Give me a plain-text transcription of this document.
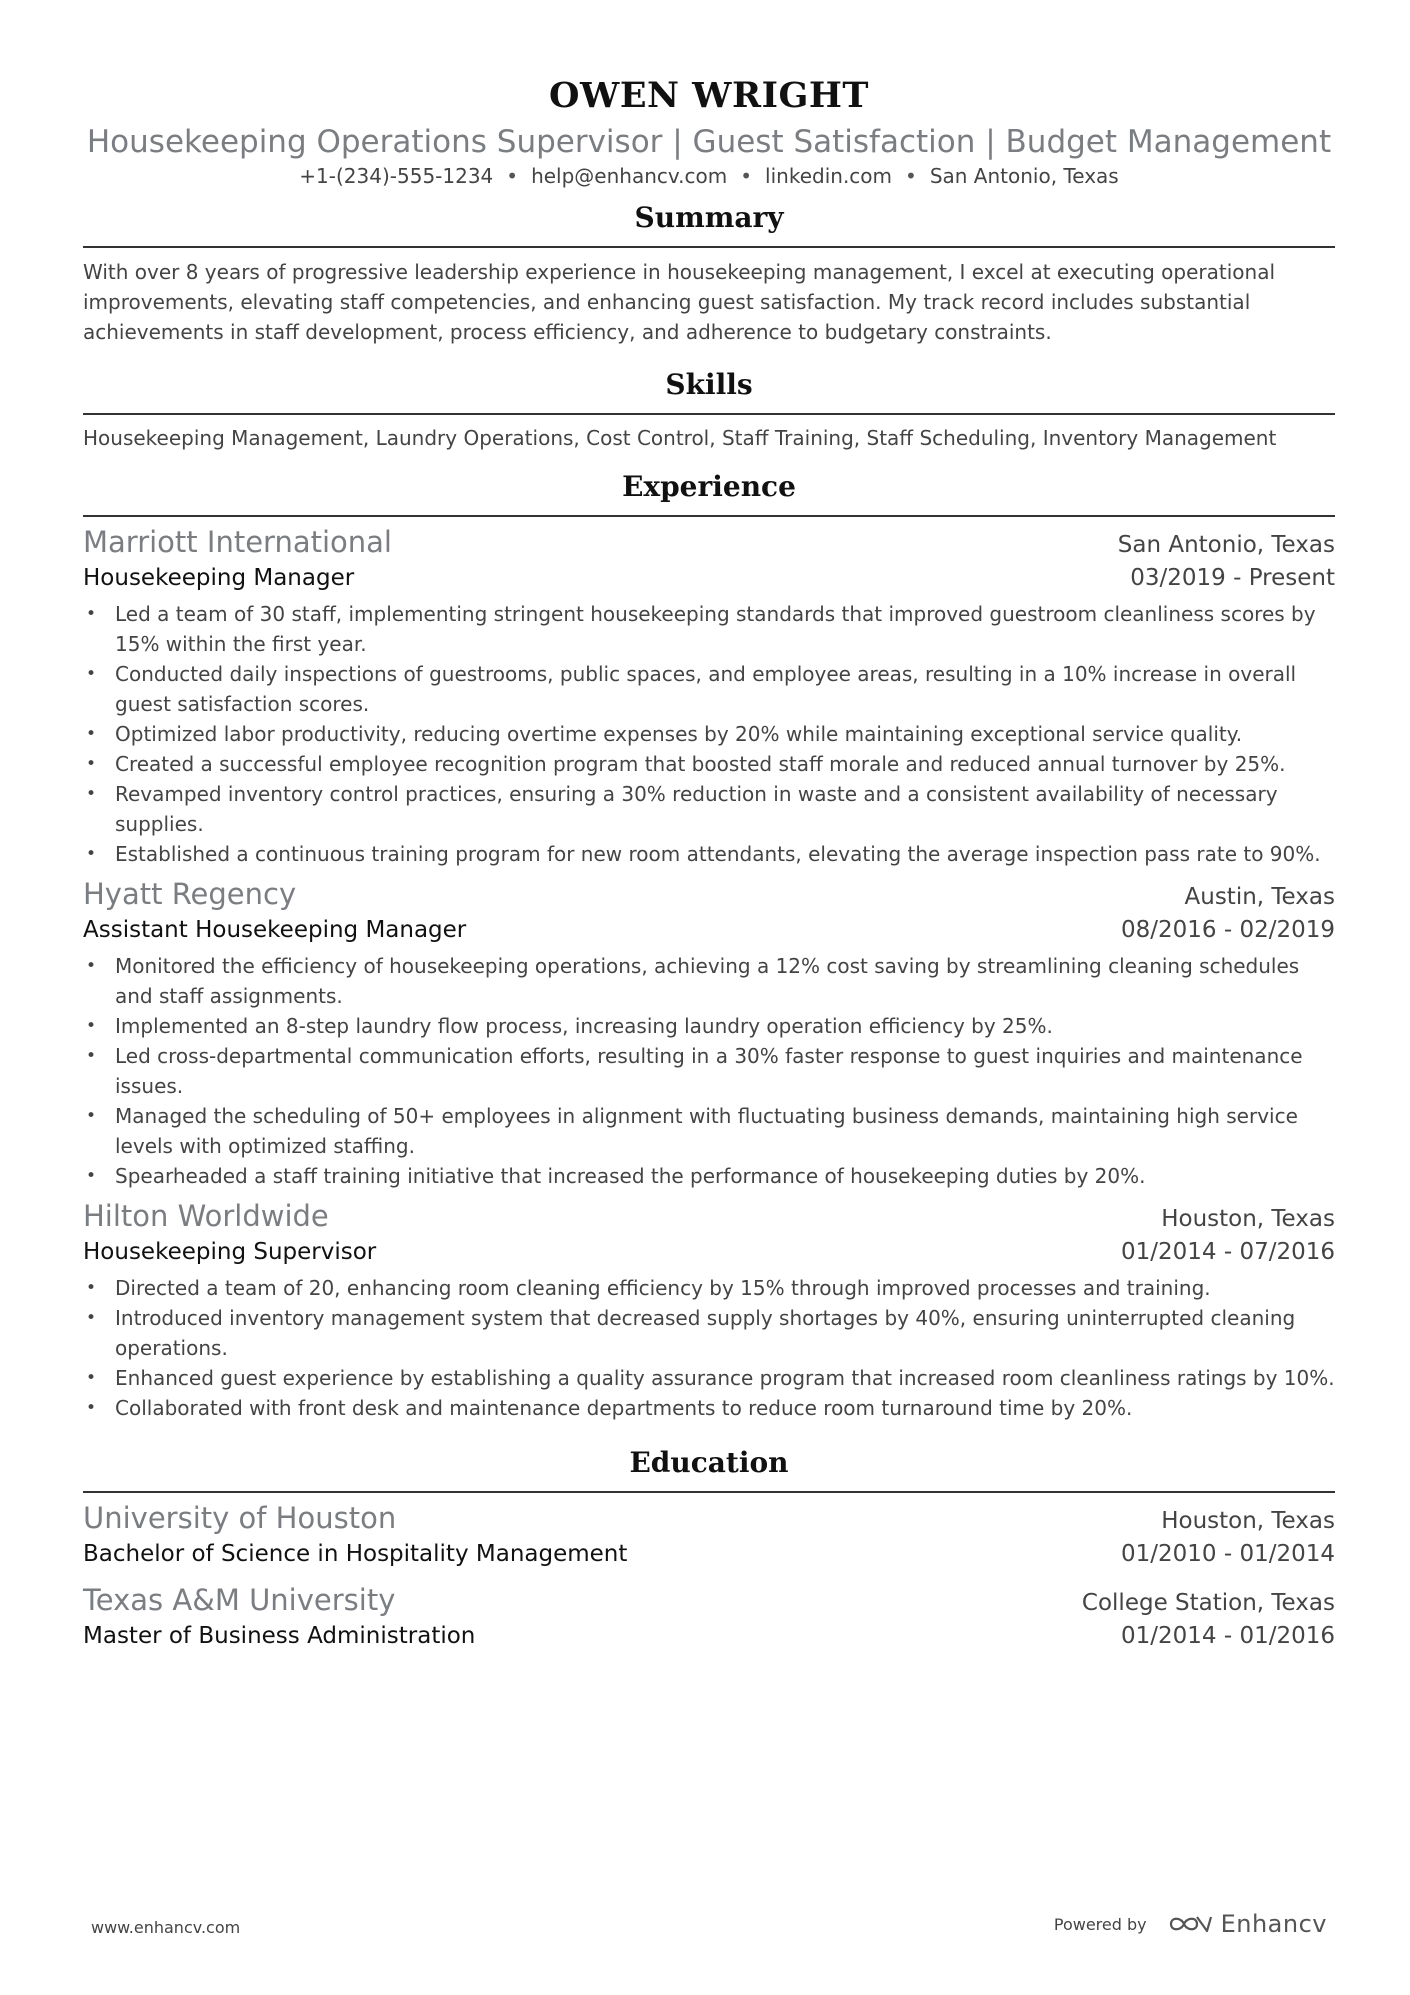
OWEN WRIGHT
Housekeeping Operations Supervisor | Guest Satisfaction | Budget Management
+1-(234)-555-1234 • help@enhancv.com • linkedin.com • San Antonio, Texas
Summary
With over 8 years of progressive leadership experience in housekeeping management, I excel at executing operational improvements, elevating staff competencies, and enhancing guest satisfaction. My track record includes substantial achievements in staff development, process efficiency, and adherence to budgetary constraints.
Skills
Housekeeping Management, Laundry Operations, Cost Control, Staff Training, Staff Scheduling, Inventory Management
Experience
Marriott International	San Antonio, Texas
Housekeeping Manager	03/2019 - Present
• Led a team of 30 staff, implementing stringent housekeeping standards that improved guestroom cleanliness scores by 15% within the first year.
• Conducted daily inspections of guestrooms, public spaces, and employee areas, resulting in a 10% increase in overall guest satisfaction scores.
• Optimized labor productivity, reducing overtime expenses by 20% while maintaining exceptional service quality.
• Created a successful employee recognition program that boosted staff morale and reduced annual turnover by 25%.
• Revamped inventory control practices, ensuring a 30% reduction in waste and a consistent availability of necessary supplies.
• Established a continuous training program for new room attendants, elevating the average inspection pass rate to 90%.
Hyatt Regency	Austin, Texas
Assistant Housekeeping Manager	08/2016 - 02/2019
• Monitored the efficiency of housekeeping operations, achieving a 12% cost saving by streamlining cleaning schedules and staff assignments.
• Implemented an 8-step laundry flow process, increasing laundry operation efficiency by 25%.
• Led cross-departmental communication efforts, resulting in a 30% faster response to guest inquiries and maintenance issues.
• Managed the scheduling of 50+ employees in alignment with fluctuating business demands, maintaining high service levels with optimized staffing.
• Spearheaded a staff training initiative that increased the performance of housekeeping duties by 20%.
Hilton Worldwide	Houston, Texas
Housekeeping Supervisor	01/2014 - 07/2016
• Directed a team of 20, enhancing room cleaning efficiency by 15% through improved processes and training.
• Introduced inventory management system that decreased supply shortages by 40%, ensuring uninterrupted cleaning operations.
• Enhanced guest experience by establishing a quality assurance program that increased room cleanliness ratings by 10%.
• Collaborated with front desk and maintenance departments to reduce room turnaround time by 20%.
Education
University of Houston	Houston, Texas
Bachelor of Science in Hospitality Management	01/2010 - 01/2014
Texas A&M University	College Station, Texas
Master of Business Administration	01/2014 - 01/2016
www.enhancv.com	Powered by	Enhancv
